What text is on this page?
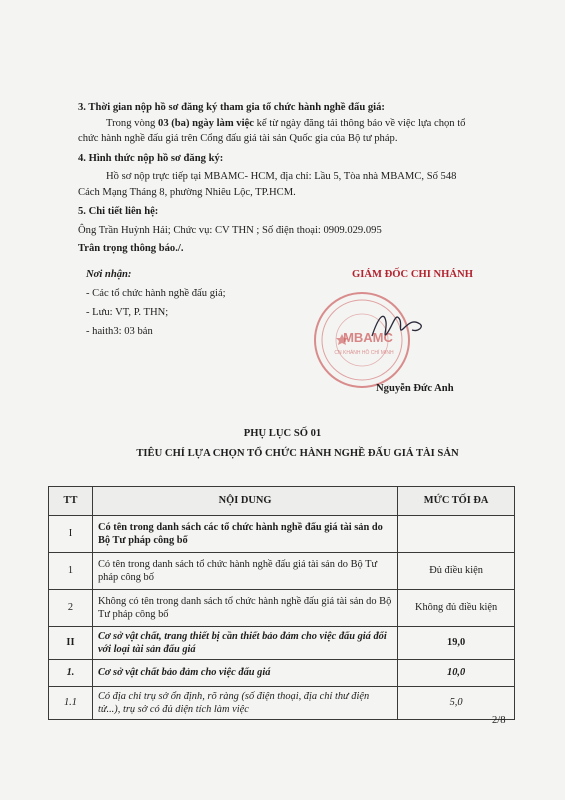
3. Thời gian nộp hồ sơ đăng ký tham gia tổ chức hành nghề đấu giá:
Trong vòng 03 (ba) ngày làm việc kể từ ngày đăng tải thông báo về việc lựa chọn tổ
chức hành nghề đấu giá trên Cổng đấu giá tài sản Quốc gia của Bộ tư pháp.
4. Hình thức nộp hồ sơ đăng ký:
Hồ sơ nộp trực tiếp tại MBAMC- HCM, địa chỉ: Lầu 5, Tòa nhà MBAMC, Số 548
Cách Mạng Tháng 8, phường Nhiêu Lộc, TP.HCM.
5. Chi tiết liên hệ:
Ông Trần Huỳnh Hải; Chức vụ: CV THN ; Số điện thoại: 0909.029.095
Trân trọng thông báo./.
Nơi nhận:
- Các tổ chức hành nghề đấu giá;
- Lưu: VT, P. THN;
- haith3: 03 bản
GIÁM ĐỐC CHI NHÁNH
MBAMC
CN KHÁNH HỒ CHÍ MINH
Nguyễn Đức Anh
PHỤ LỤC SỐ 01
TIÊU CHÍ LỰA CHỌN TỔ CHỨC HÀNH NGHỀ ĐẤU GIÁ TÀI SẢN
TT	NỘI DUNG	MỨC TỐI ĐA
I	Có tên trong danh sách các tổ chức hành nghề đấu giá tài sản do Bộ Tư pháp công bố	
1	Có tên trong danh sách tổ chức hành nghề đấu giá tài sản do Bộ Tư pháp công bố	Đủ điều kiện
2	Không có tên trong danh sách tổ chức hành nghề đấu giá tài sản do Bộ Tư pháp công bố	Không đủ điều kiện
II	Cơ sở vật chất, trang thiết bị cần thiết bảo đảm cho việc đấu giá đối với loại tài sản đấu giá	19,0
1.	Cơ sở vật chất bảo đảm cho việc đấu giá	10,0
1.1	Có địa chỉ trụ sở ổn định, rõ ràng (số điện thoại, địa chỉ thư điện tử...), trụ sở có đủ diện tích làm việc	5,0
2/8
